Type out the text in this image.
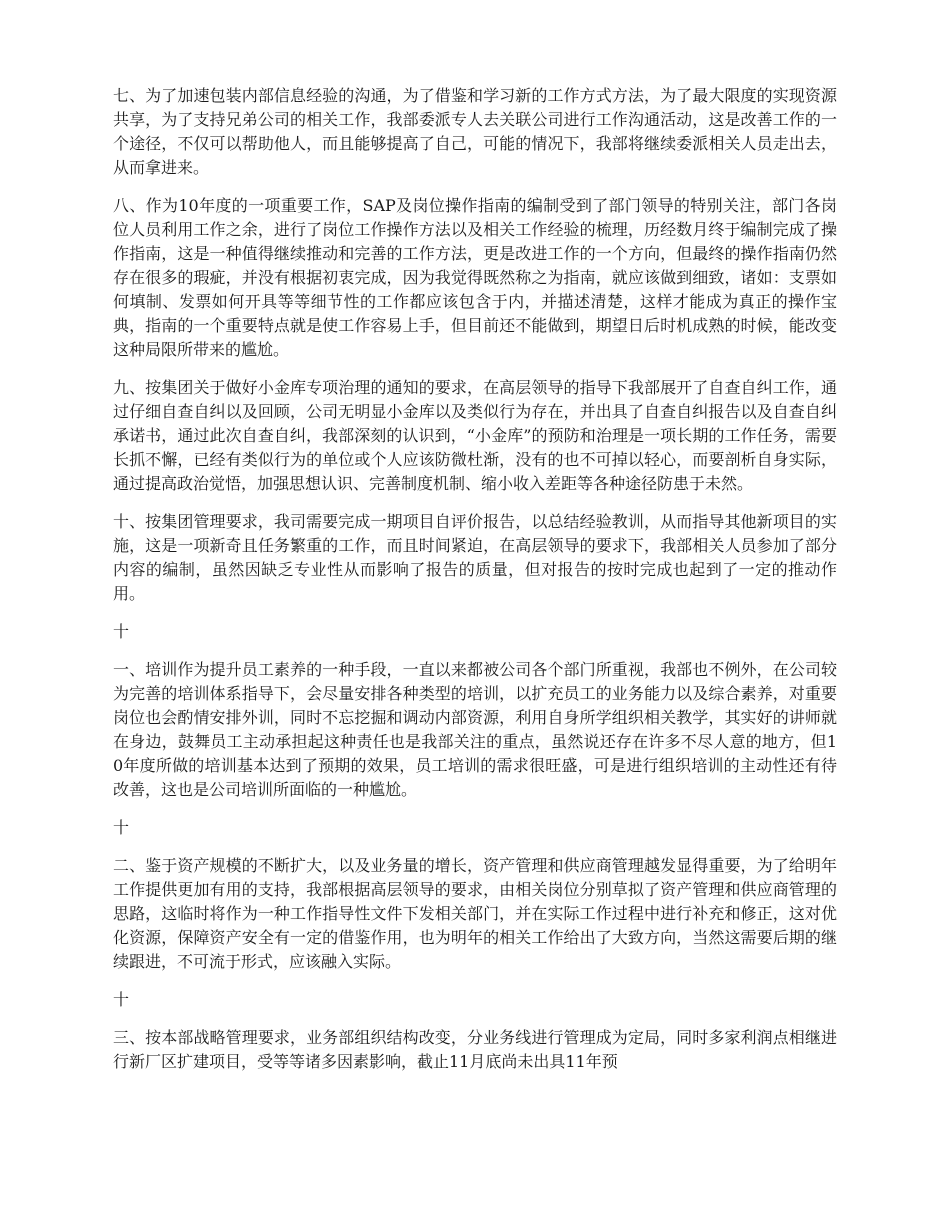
七、为了加速包装内部信息经验的沟通，为了借鉴和学习新的工作方式方法，为了最大限度的实现资源共享，为了支持兄弟公司的相关工作，我部委派专人去关联公司进行工作沟通活动，这是改善工作的一个途径，不仅可以帮助他人，而且能够提高了自己，可能的情况下，我部将继续委派相关人员走出去，从而拿进来。

八、作为10年度的一项重要工作，SAP及岗位操作指南的编制受到了部门领导的特别关注，部门各岗位人员利用工作之余，进行了岗位工作操作方法以及相关工作经验的梳理，历经数月终于编制完成了操作指南，这是一种值得继续推动和完善的工作方法，更是改进工作的一个方向，但最终的操作指南仍然存在很多的瑕疵，并没有根据初衷完成，因为我觉得既然称之为指南，就应该做到细致，诸如：支票如何填制、发票如何开具等等细节性的工作都应该包含于内，并描述清楚，这样才能成为真正的操作宝典，指南的一个重要特点就是使工作容易上手，但目前还不能做到，期望日后时机成熟的时候，能改变这种局限所带来的尴尬。

九、按集团关于做好小金库专项治理的通知的要求，在高层领导的指导下我部展开了自查自纠工作，通过仔细自查自纠以及回顾，公司无明显小金库以及类似行为存在，并出具了自查自纠报告以及自查自纠承诺书，通过此次自查自纠，我部深刻的认识到，“小金库”的预防和治理是一项长期的工作任务，需要长抓不懈，已经有类似行为的单位或个人应该防微杜渐，没有的也不可掉以轻心，而要剖析自身实际，通过提高政治觉悟，加强思想认识、完善制度机制、缩小收入差距等各种途径防患于未然。

十、按集团管理要求，我司需要完成一期项目自评价报告，以总结经验教训，从而指导其他新项目的实施，这是一项新奇且任务繁重的工作，而且时间紧迫，在高层领导的要求下，我部相关人员参加了部分内容的编制，虽然因缺乏专业性从而影响了报告的质量，但对报告的按时完成也起到了一定的推动作用。

十

一、培训作为提升员工素养的一种手段，一直以来都被公司各个部门所重视，我部也不例外，在公司较为完善的培训体系指导下，会尽量安排各种类型的培训，以扩充员工的业务能力以及综合素养，对重要岗位也会酌情安排外训，同时不忘挖掘和调动内部资源，利用自身所学组织相关教学，其实好的讲师就在身边，鼓舞员工主动承担起这种责任也是我部关注的重点，虽然说还存在许多不尽人意的地方，但10年度所做的培训基本达到了预期的效果，员工培训的需求很旺盛，可是进行组织培训的主动性还有待改善，这也是公司培训所面临的一种尴尬。

十

二、鉴于资产规模的不断扩大，以及业务量的增长，资产管理和供应商管理越发显得重要，为了给明年工作提供更加有用的支持，我部根据高层领导的要求，由相关岗位分别草拟了资产管理和供应商管理的思路，这临时将作为一种工作指导性文件下发相关部门，并在实际工作过程中进行补充和修正，这对优化资源，保障资产安全有一定的借鉴作用，也为明年的相关工作给出了大致方向，当然这需要后期的继续跟进，不可流于形式，应该融入实际。

十

三、按本部战略管理要求，业务部组织结构改变，分业务线进行管理成为定局，同时多家利润点相继进行新厂区扩建项目，受等等诸多因素影响，截止11月底尚未出具11年预
